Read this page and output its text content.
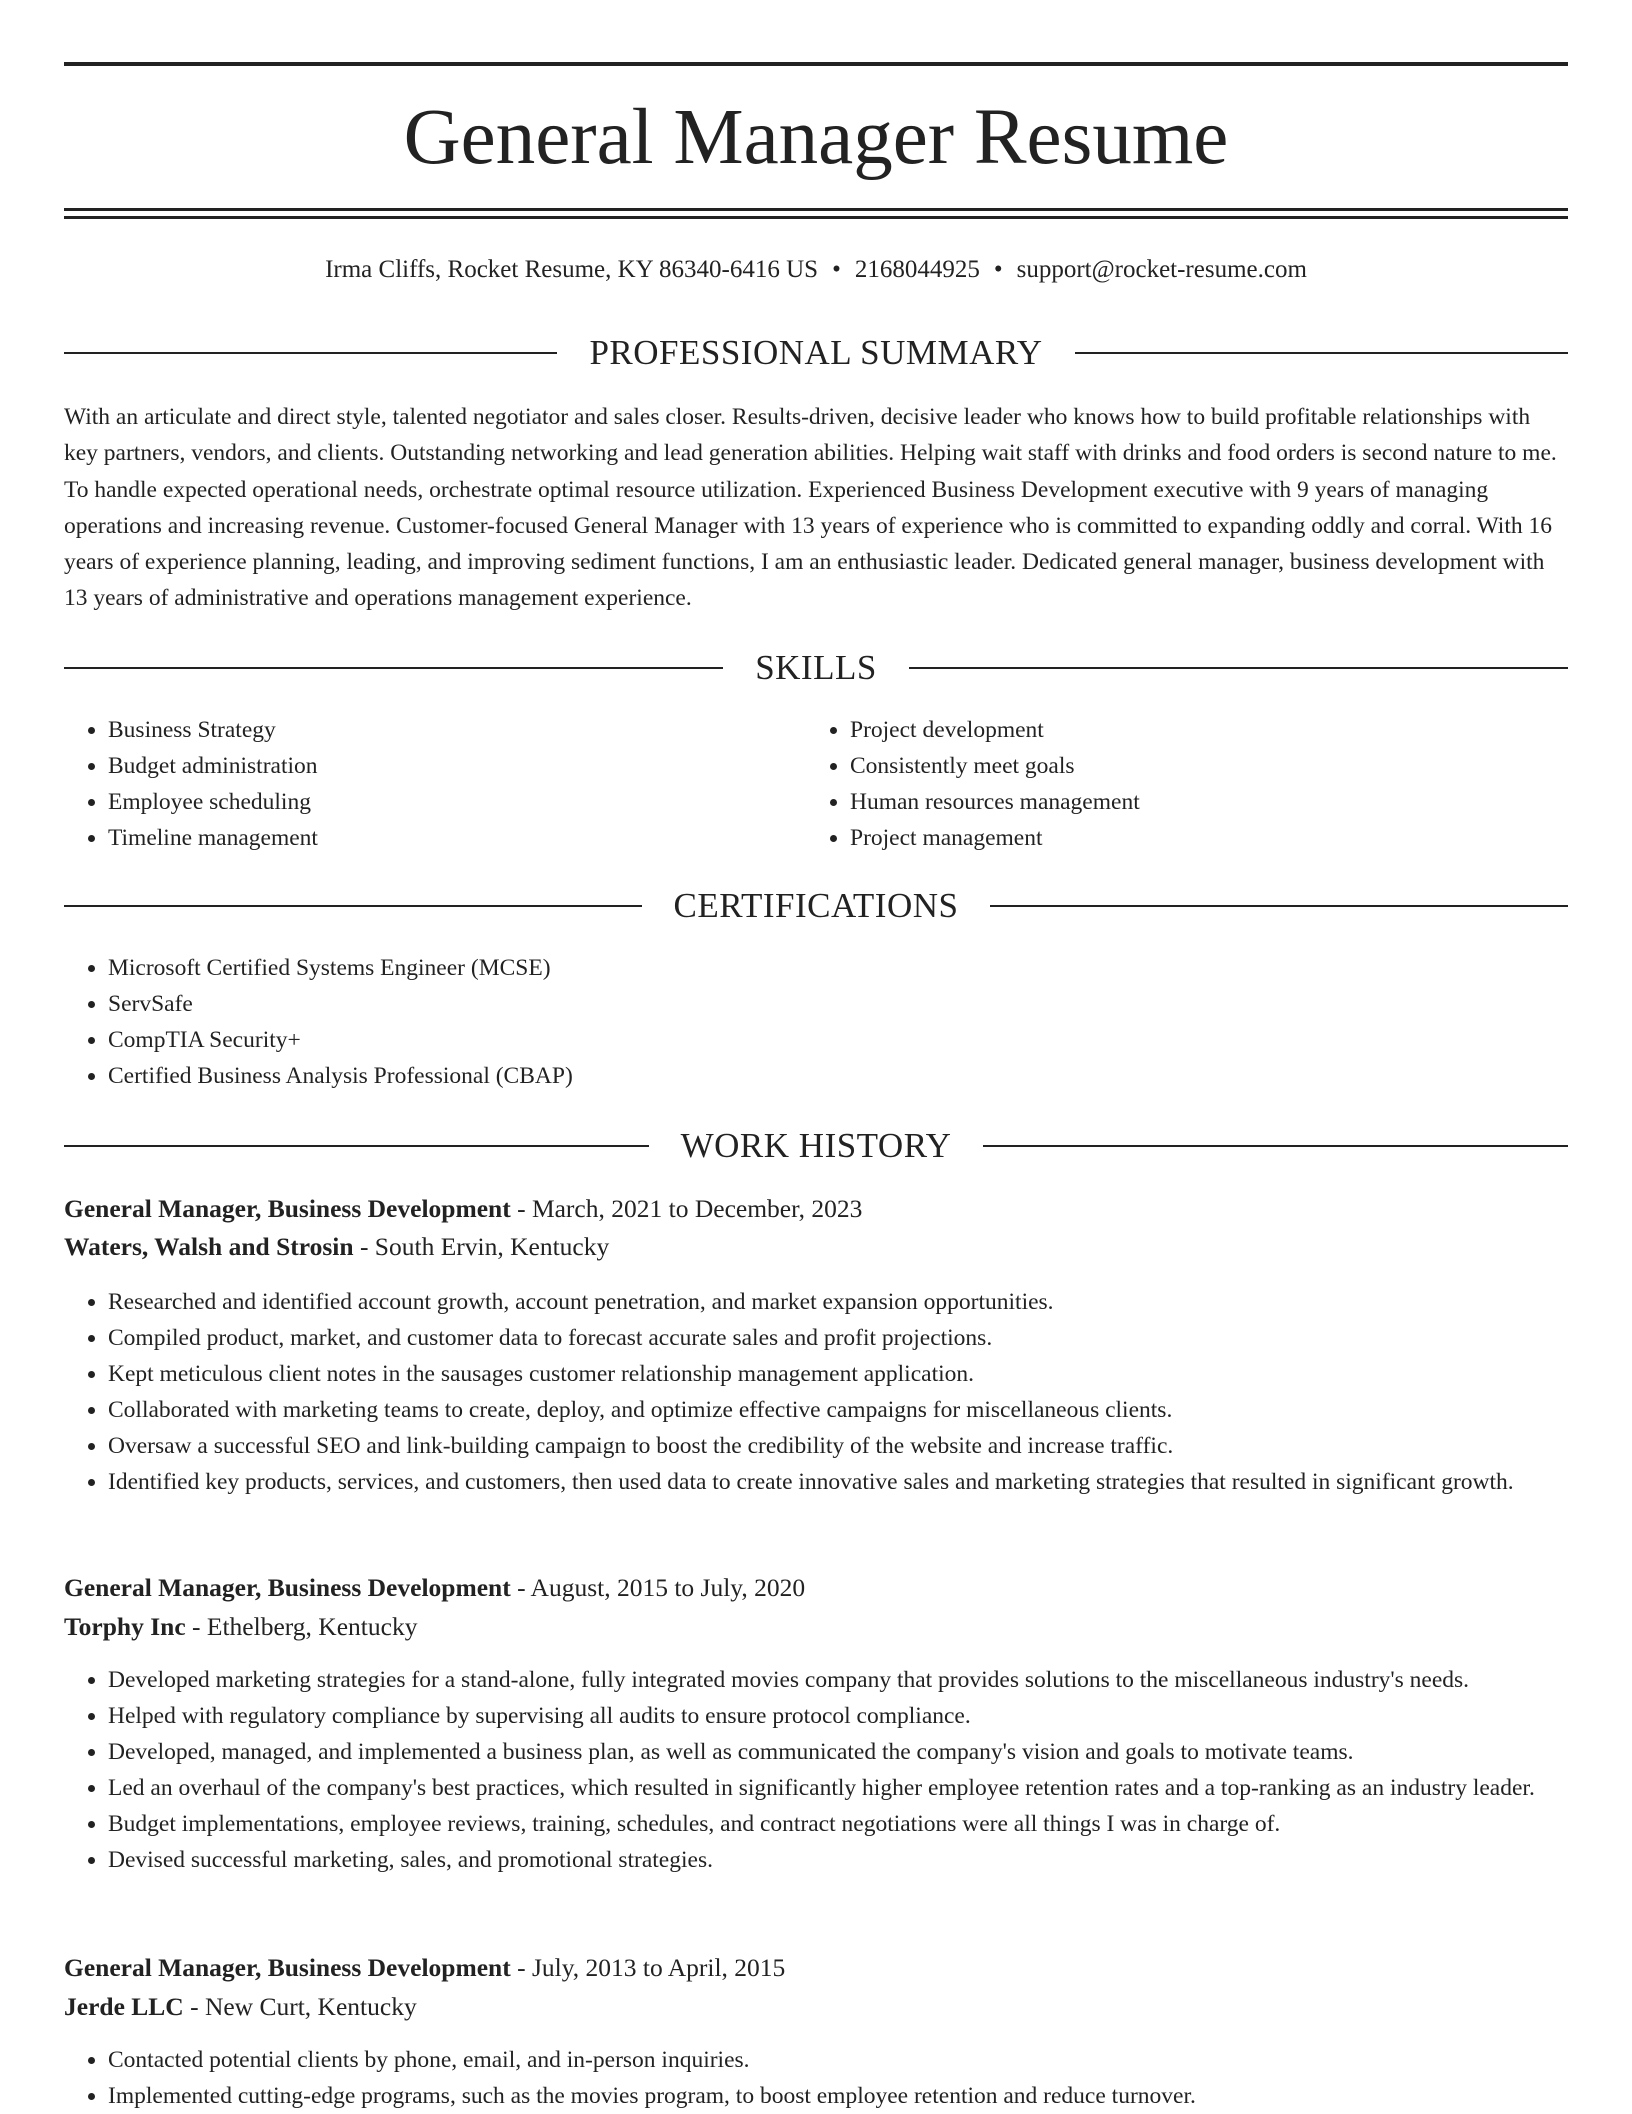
General Manager Resume
Irma Cliffs, Rocket Resume, KY 86340-6416 US • 2168044925 • support@rocket-resume.com
PROFESSIONAL SUMMARY

With an articulate and direct style, talented negotiator and sales closer. Results-driven, decisive leader who knows how to build profitable relationships with key partners, vendors, and clients. Outstanding networking and lead generation abilities. Helping wait staff with drinks and food orders is second nature to me. To handle expected operational needs, orchestrate optimal resource utilization. Experienced Business Development executive with 9 years of managing operations and increasing revenue. Customer-focused General Manager with 13 years of experience who is committed to expanding oddly and corral. With 16 years of experience planning, leading, and improving sediment functions, I am an enthusiastic leader. Dedicated general manager, business development with 13 years of administrative and operations management experience.

SKILLS
• Business Strategy
• Budget administration
• Employee scheduling
• Timeline management
• Project development
• Consistently meet goals
• Human resources management
• Project management
CERTIFICATIONS
• Microsoft Certified Systems Engineer (MCSE)
• ServSafe
• CompTIA Security+
• Certified Business Analysis Professional (CBAP)
WORK HISTORY
General Manager, Business Development - March, 2021 to December, 2023
Waters, Walsh and Strosin - South Ervin, Kentucky
• Researched and identified account growth, account penetration, and market expansion opportunities.
• Compiled product, market, and customer data to forecast accurate sales and profit projections.
• Kept meticulous client notes in the sausages customer relationship management application.
• Collaborated with marketing teams to create, deploy, and optimize effective campaigns for miscellaneous clients.
• Oversaw a successful SEO and link-building campaign to boost the credibility of the website and increase traffic.
• Identified key products, services, and customers, then used data to create innovative sales and marketing strategies that resulted in significant growth.
General Manager, Business Development - August, 2015 to July, 2020
Torphy Inc - Ethelberg, Kentucky
• Developed marketing strategies for a stand-alone, fully integrated movies company that provides solutions to the miscellaneous industry's needs.
• Helped with regulatory compliance by supervising all audits to ensure protocol compliance.
• Developed, managed, and implemented a business plan, as well as communicated the company's vision and goals to motivate teams.
• Led an overhaul of the company's best practices, which resulted in significantly higher employee retention rates and a top-ranking as an industry leader.
• Budget implementations, employee reviews, training, schedules, and contract negotiations were all things I was in charge of.
• Devised successful marketing, sales, and promotional strategies.
General Manager, Business Development - July, 2013 to April, 2015
Jerde LLC - New Curt, Kentucky
• Contacted potential clients by phone, email, and in-person inquiries.
• Implemented cutting-edge programs, such as the movies program, to boost employee retention and reduce turnover.
